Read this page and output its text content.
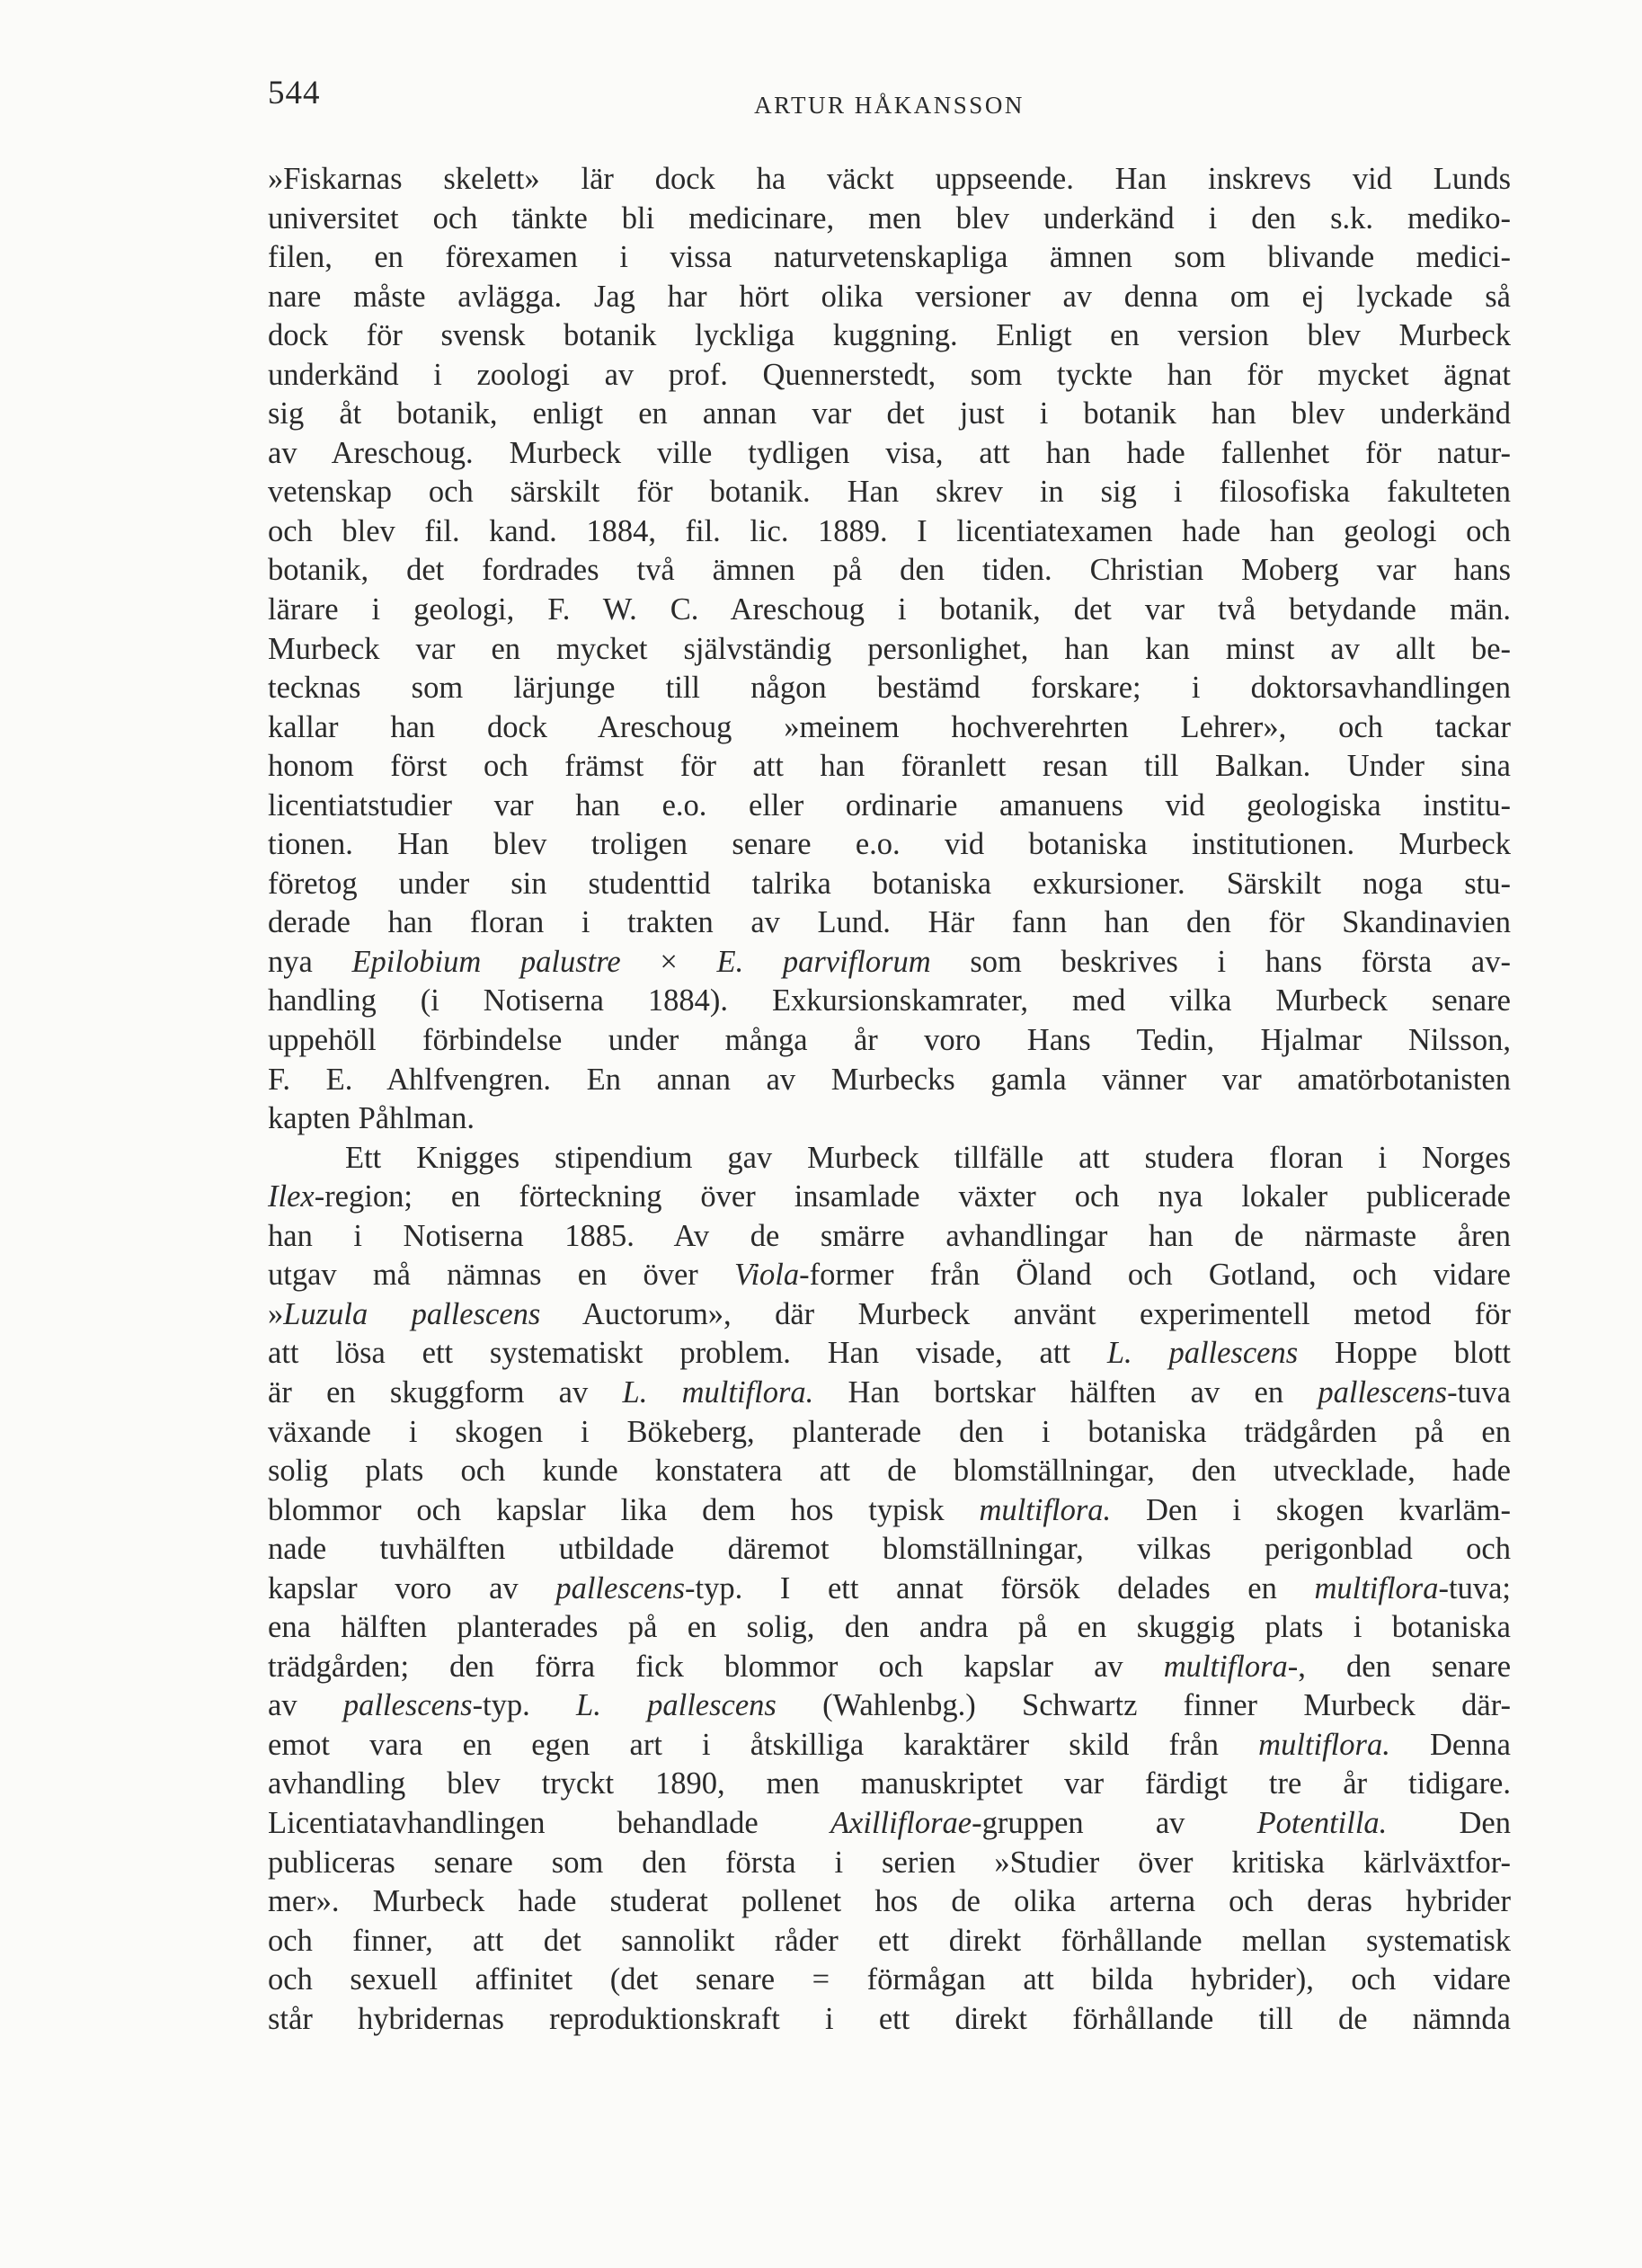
544	ARTUR HÅKANSSON
»Fiskarnas skelett» lär dock ha väckt uppseende. Han inskrevs vid Lunds
universitet och tänkte bli medicinare, men blev underkänd i den s.k. mediko-
filen, en förexamen i vissa naturvetenskapliga ämnen som blivande medici-
nare måste avlägga. Jag har hört olika versioner av denna om ej lyckade så
dock för svensk botanik lyckliga kuggning. Enligt en version blev Murbeck
underkänd i zoologi av prof. Quennerstedt, som tyckte han för mycket ägnat
sig åt botanik, enligt en annan var det just i botanik han blev underkänd
av Areschoug. Murbeck ville tydligen visa, att han hade fallenhet för natur-
vetenskap och särskilt för botanik. Han skrev in sig i filosofiska fakulteten
och blev fil. kand. 1884, fil. lic. 1889. I licentiatexamen hade han geologi och
botanik, det fordrades två ämnen på den tiden. Christian Moberg var hans
lärare i geologi, F. W. C. Areschoug i botanik, det var två betydande män.
Murbeck var en mycket självständig personlighet, han kan minst av allt be-
tecknas som lärjunge till någon bestämd forskare; i doktorsavhandlingen
kallar han dock Areschoug »meinem hochverehrten Lehrer», och tackar
honom först och främst för att han föranlett resan till Balkan. Under sina
licentiatstudier var han e.o. eller ordinarie amanuens vid geologiska institu-
tionen. Han blev troligen senare e.o. vid botaniska institutionen. Murbeck
företog under sin studenttid talrika botaniska exkursioner. Särskilt noga stu-
derade han floran i trakten av Lund. Här fann han den för Skandinavien
nya Epilobium palustre × E. parviflorum som beskrives i hans första av-
handling (i Notiserna 1884). Exkursionskamrater, med vilka Murbeck senare
uppehöll förbindelse under många år voro Hans Tedin, Hjalmar Nilsson,
F. E. Ahlfvengren. En annan av Murbecks gamla vänner var amatörbotanisten
kapten Påhlman.
Ett Knigges stipendium gav Murbeck tillfälle att studera floran i Norges
Ilex-region; en förteckning över insamlade växter och nya lokaler publicerade
han i Notiserna 1885. Av de smärre avhandlingar han de närmaste åren
utgav må nämnas en över Viola-former från Öland och Gotland, och vidare
»Luzula pallescens Auctorum», där Murbeck använt experimentell metod för
att lösa ett systematiskt problem. Han visade, att L. pallescens Hoppe blott
är en skuggform av L. multiflora. Han bortskar hälften av en pallescens-tuva
växande i skogen i Bökeberg, planterade den i botaniska trädgården på en
solig plats och kunde konstatera att de blomställningar, den utvecklade, hade
blommor och kapslar lika dem hos typisk multiflora. Den i skogen kvarläm-
nade tuvhälften utbildade däremot blomställningar, vilkas perigonblad och
kapslar voro av pallescens-typ. I ett annat försök delades en multiflora-tuva;
ena hälften planterades på en solig, den andra på en skuggig plats i botaniska
trädgården; den förra fick blommor och kapslar av multiflora-, den senare
av pallescens-typ. L. pallescens (Wahlenbg.) Schwartz finner Murbeck där-
emot vara en egen art i åtskilliga karaktärer skild från multiflora. Denna
avhandling blev tryckt 1890, men manuskriptet var färdigt tre år tidigare.
Licentiatavhandlingen behandlade Axilliflorae-gruppen av Potentilla. Den
publiceras senare som den första i serien »Studier över kritiska kärlväxtfor-
mer». Murbeck hade studerat pollenet hos de olika arterna och deras hybrider
och finner, att det sannolikt råder ett direkt förhållande mellan systematisk
och sexuell affinitet (det senare = förmågan att bilda hybrider), och vidare
står hybridernas reproduktionskraft i ett direkt förhållande till de nämnda
